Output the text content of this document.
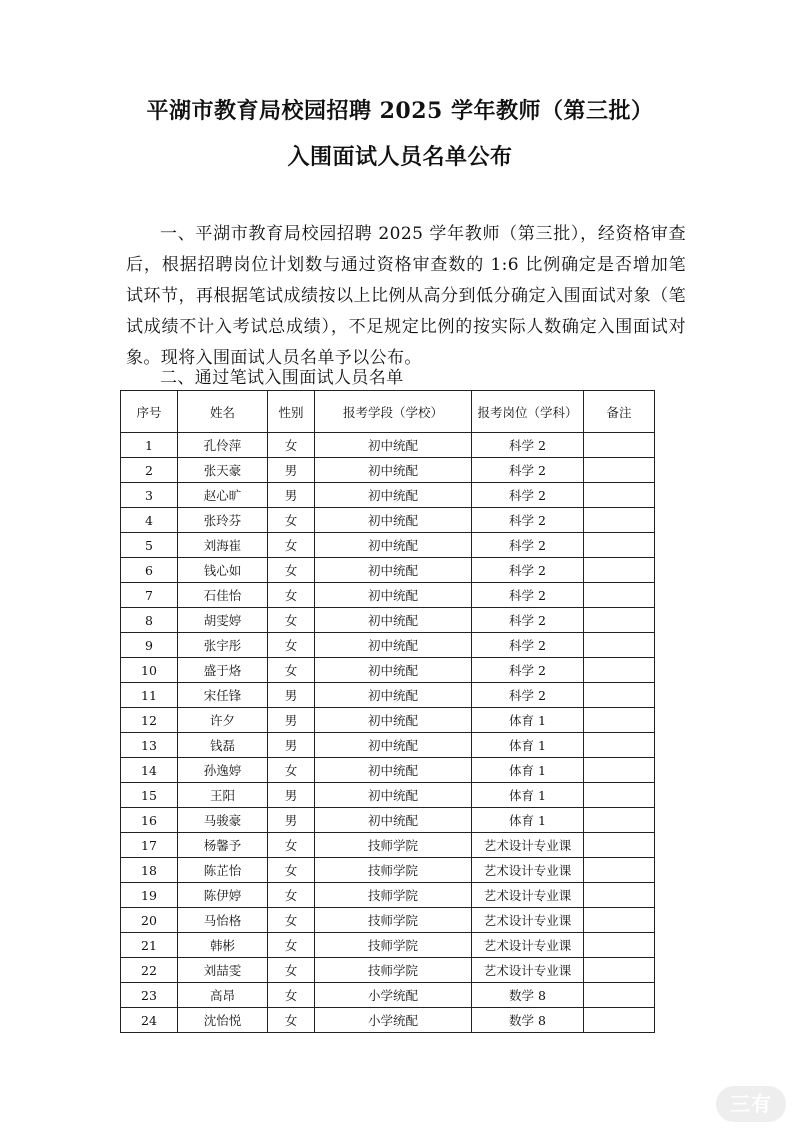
平湖市教育局校园招聘 2025 学年教师（第三批）
入围面试人员名单公布

一、平湖市教育局校园招聘 2025 学年教师（第三批），经资格审查后，根据招聘岗位计划数与通过资格审查数的 1:6 比例确定是否增加笔试环节，再根据笔试成绩按以上比例从高分到低分确定入围面试对象（笔试成绩不计入考试总成绩），不足规定比例的按实际人数确定入围面试对象。现将入围面试人员名单予以公布。

二、通过笔试入围面试人员名单
序号	姓名	性别	报考学段（学校）	报考岗位（学科）	备注
1	孔伶萍	女	初中统配	科学 2	
2	张天豪	男	初中统配	科学 2	
3	赵心旷	男	初中统配	科学 2	
4	张玲芬	女	初中统配	科学 2	
5	刘海崔	女	初中统配	科学 2	
6	钱心如	女	初中统配	科学 2	
7	石佳怡	女	初中统配	科学 2	
8	胡雯婷	女	初中统配	科学 2	
9	张宇彤	女	初中统配	科学 2	
10	盛于烙	女	初中统配	科学 2	
11	宋任锋	男	初中统配	科学 2	
12	许夕	男	初中统配	体育 1	
13	钱磊	男	初中统配	体育 1	
14	孙逸婷	女	初中统配	体育 1	
15	王阳	男	初中统配	体育 1	
16	马骏豪	男	初中统配	体育 1	
17	杨馨予	女	技师学院	艺术设计专业课	
18	陈芷怡	女	技师学院	艺术设计专业课	
19	陈伊婷	女	技师学院	艺术设计专业课	
20	马怡格	女	技师学院	艺术设计专业课	
21	韩彬	女	技师学院	艺术设计专业课	
22	刘喆雯	女	技师学院	艺术设计专业课	
23	高昂	女	小学统配	数学 8	
24	沈怡悦	女	小学统配	数学 8	
三有
